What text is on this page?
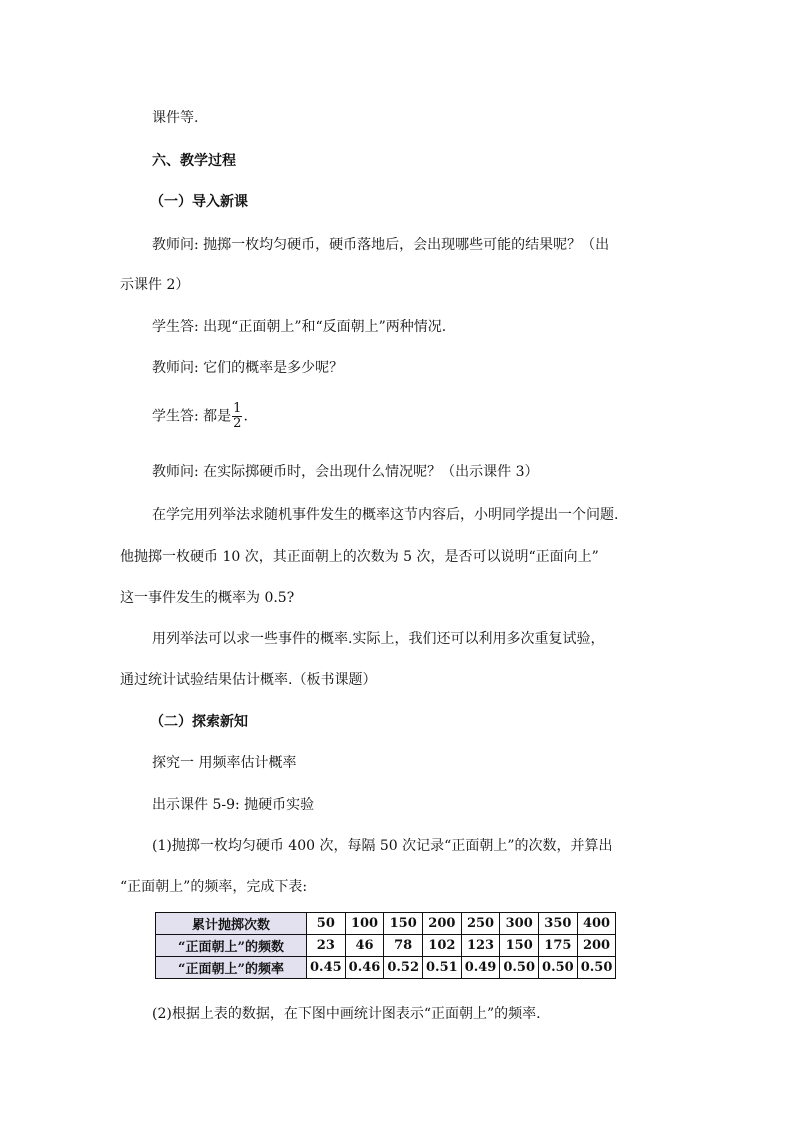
课件等.
六、教学过程
（一）导入新课
教师问: 抛掷一枚均匀硬币，硬币落地后，会出现哪些可能的结果呢？（出
示课件 2）
学生答: 出现“正面朝上”和“反面朝上”两种情况.
教师问: 它们的概率是多少呢？
学生答: 都是 $\frac{1}{2}$ .
教师问: 在实际掷硬币时，会出现什么情况呢？（出示课件 3）
在学完用列举法求随机事件发生的概率这节内容后，小明同学提出一个问题.
他抛掷一枚硬币 10 次，其正面朝上的次数为 5 次，是否可以说明“正面向上”
这一事件发生的概率为 0.5?
用列举法可以求一些事件的概率.实际上，我们还可以利用多次重复试验，
通过统计试验结果估计概率.（板书课题）
（二）探索新知
探究一 用频率估计概率
出示课件 5-9: 抛硬币实验
(1)抛掷一枚均匀硬币 400 次，每隔 50 次记录“正面朝上”的次数，并算出
“正面朝上”的频率，完成下表:
累计抛掷次数	50	100	150	200	250	300	350	400
“正面朝上”的频数	23	46	78	102	123	150	175	200
“正面朝上”的频率	0.45	0.46	0.52	0.51	0.49	0.50	0.50	0.50
(2)根据上表的数据，在下图中画统计图表示“正面朝上”的频率.
